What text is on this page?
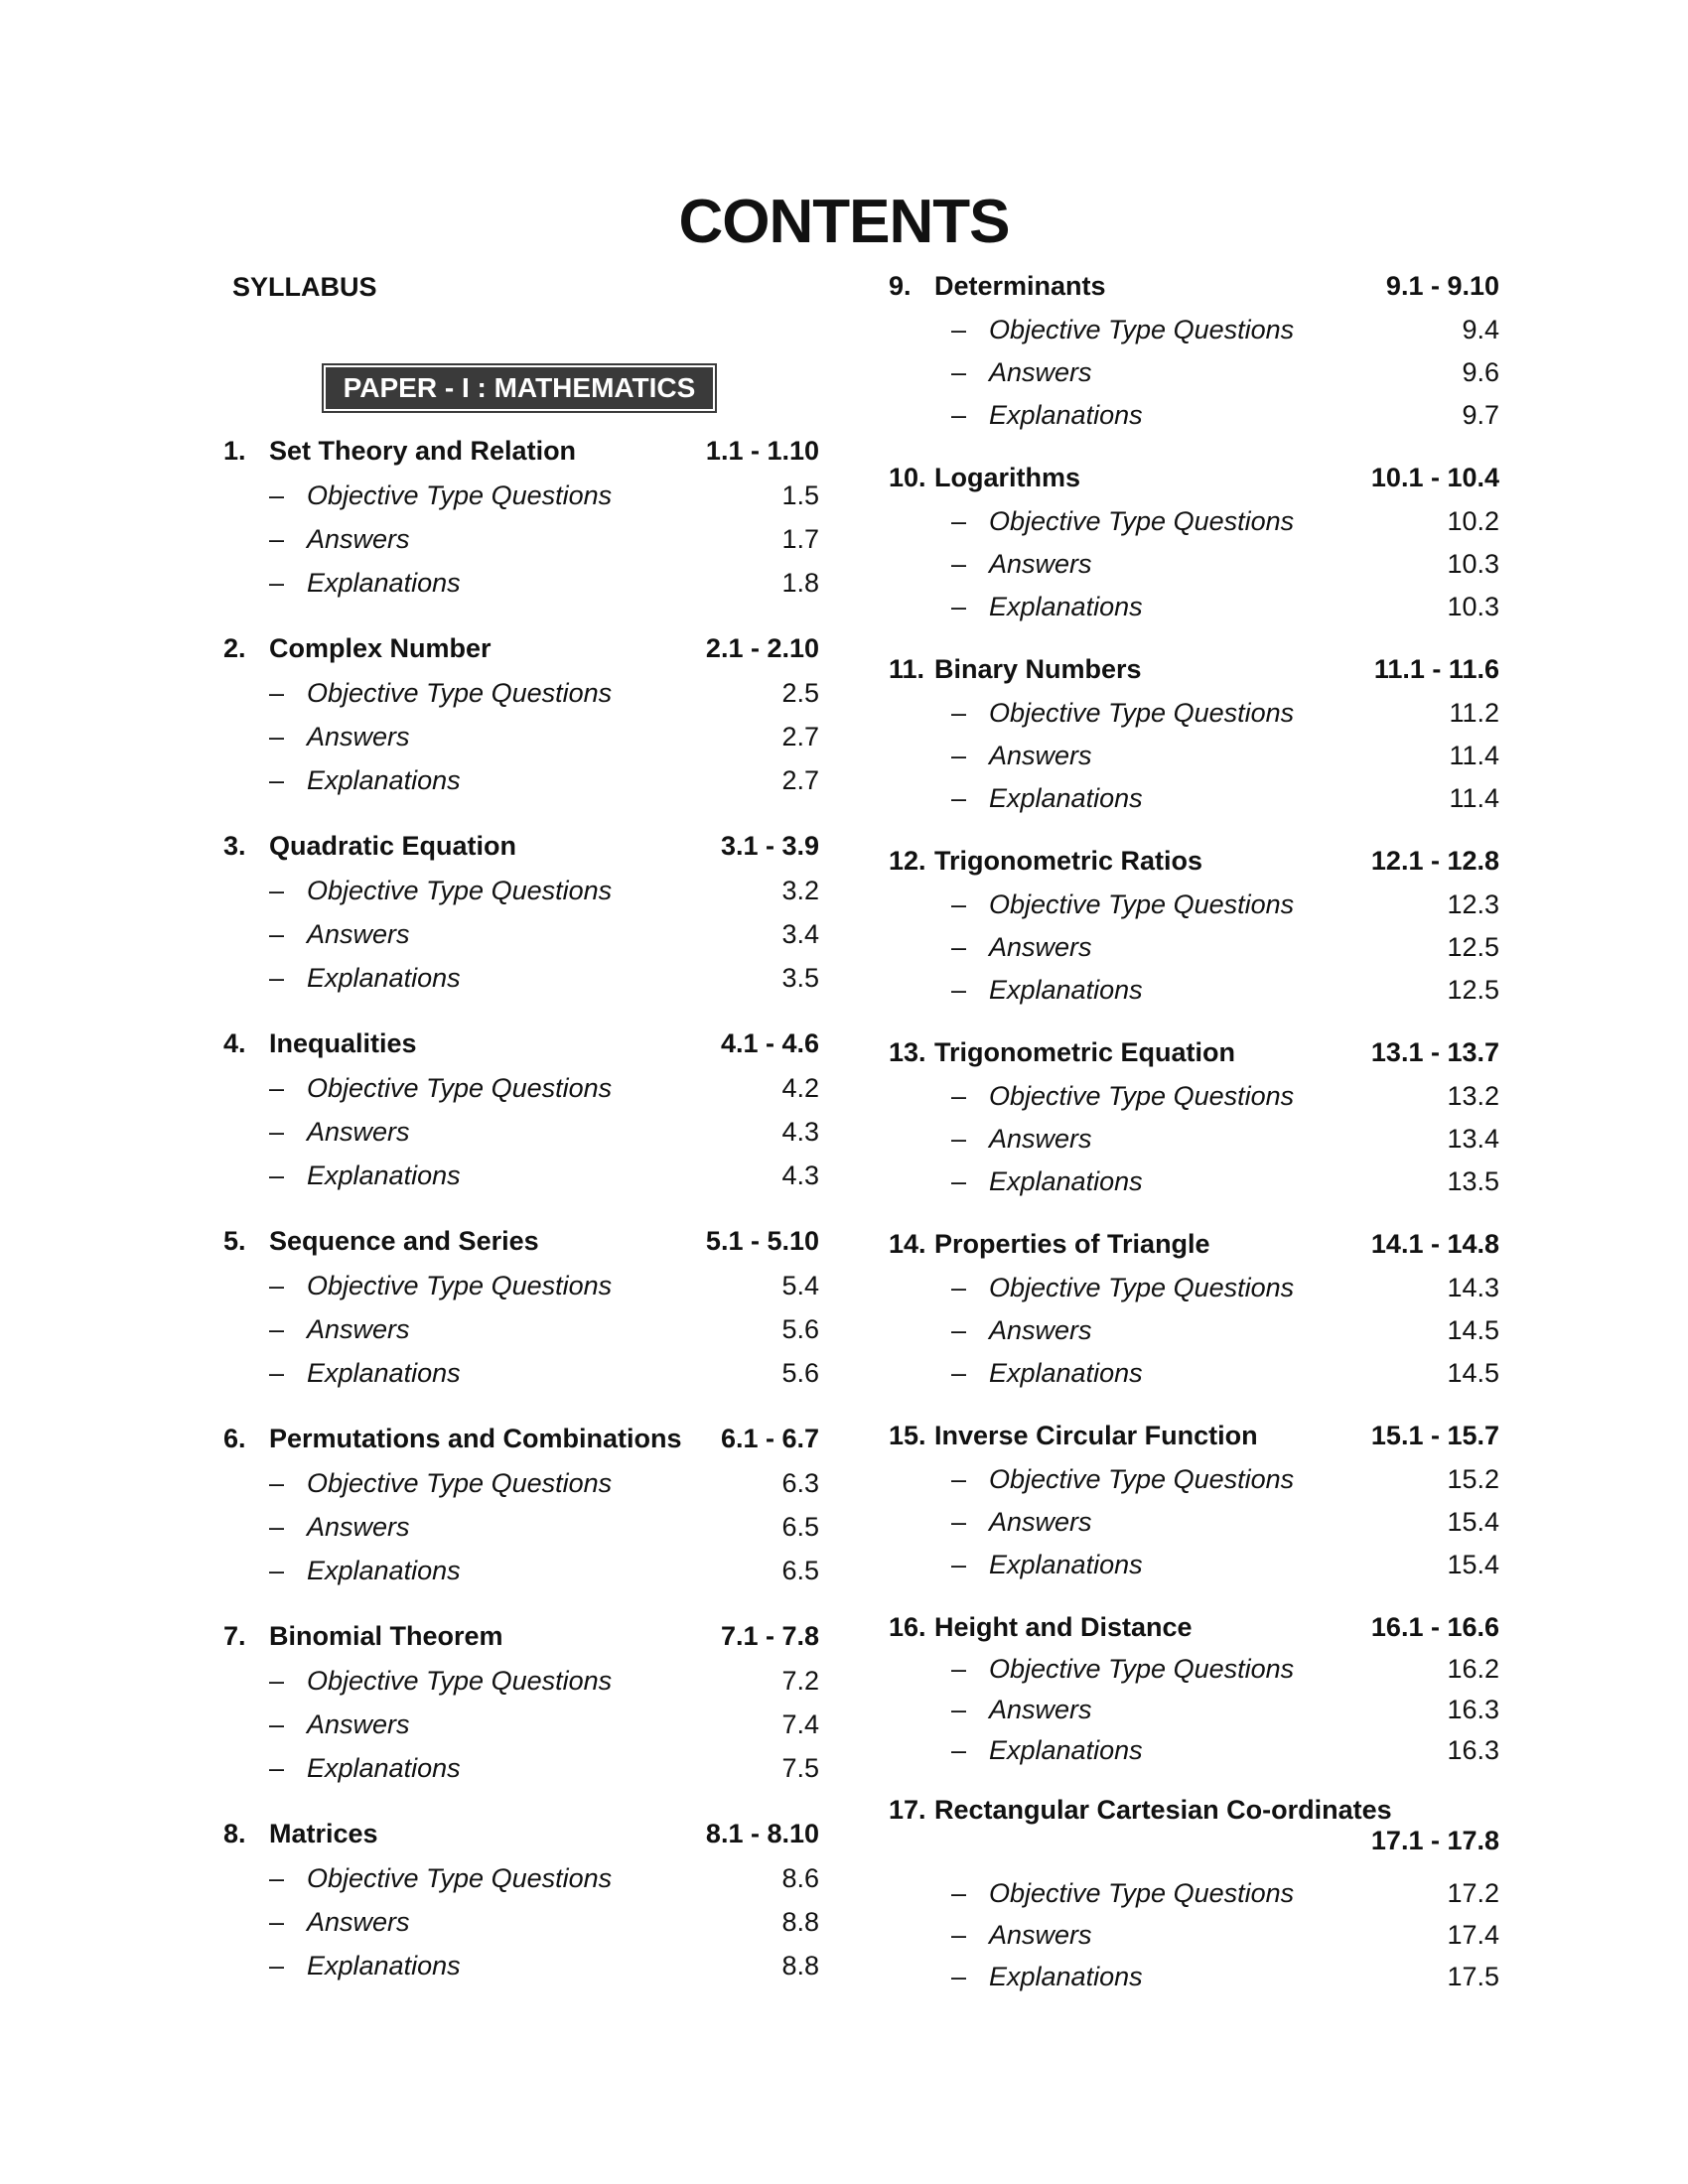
CONTENTS
SYLLABUS
PAPER - I : MATHEMATICS
1. Set Theory and Relation	1.1 - 1.10
– Objective Type Questions	1.5
– Answers	1.7
– Explanations	1.8
2. Complex Number	2.1 - 2.10
– Objective Type Questions	2.5
– Answers	2.7
– Explanations	2.7
3. Quadratic Equation	3.1 - 3.9
– Objective Type Questions	3.2
– Answers	3.4
– Explanations	3.5
4. Inequalities	4.1 - 4.6
– Objective Type Questions	4.2
– Answers	4.3
– Explanations	4.3
5. Sequence and Series	5.1 - 5.10
– Objective Type Questions	5.4
– Answers	5.6
– Explanations	5.6
6. Permutations and Combinations 6.1 - 6.7
– Objective Type Questions	6.3
– Answers	6.5
– Explanations	6.5
7. Binomial Theorem	7.1 - 7.8
– Objective Type Questions	7.2
– Answers	7.4
– Explanations	7.5
8. Matrices	8.1 - 8.10
– Objective Type Questions	8.6
– Answers	8.8
– Explanations	8.8
9. Determinants	9.1 - 9.10
– Objective Type Questions	9.4
– Answers	9.6
– Explanations	9.7
10. Logarithms	10.1 - 10.4
– Objective Type Questions	10.2
– Answers	10.3
– Explanations	10.3
11. Binary Numbers	11.1 - 11.6
– Objective Type Questions	11.2
– Answers	11.4
– Explanations	11.4
12. Trigonometric Ratios	12.1 - 12.8
– Objective Type Questions	12.3
– Answers	12.5
– Explanations	12.5
13. Trigonometric Equation	13.1 - 13.7
– Objective Type Questions	13.2
– Answers	13.4
– Explanations	13.5
14. Properties of Triangle	14.1 - 14.8
– Objective Type Questions	14.3
– Answers	14.5
– Explanations	14.5
15. Inverse Circular Function	15.1 - 15.7
– Objective Type Questions	15.2
– Answers	15.4
– Explanations	15.4
16. Height and Distance	16.1 - 16.6
– Objective Type Questions	16.2
– Answers	16.3
– Explanations	16.3
17. Rectangular Cartesian Co-ordinates
17.1 - 17.8
– Objective Type Questions	17.2
– Answers	17.4
– Explanations	17.5
